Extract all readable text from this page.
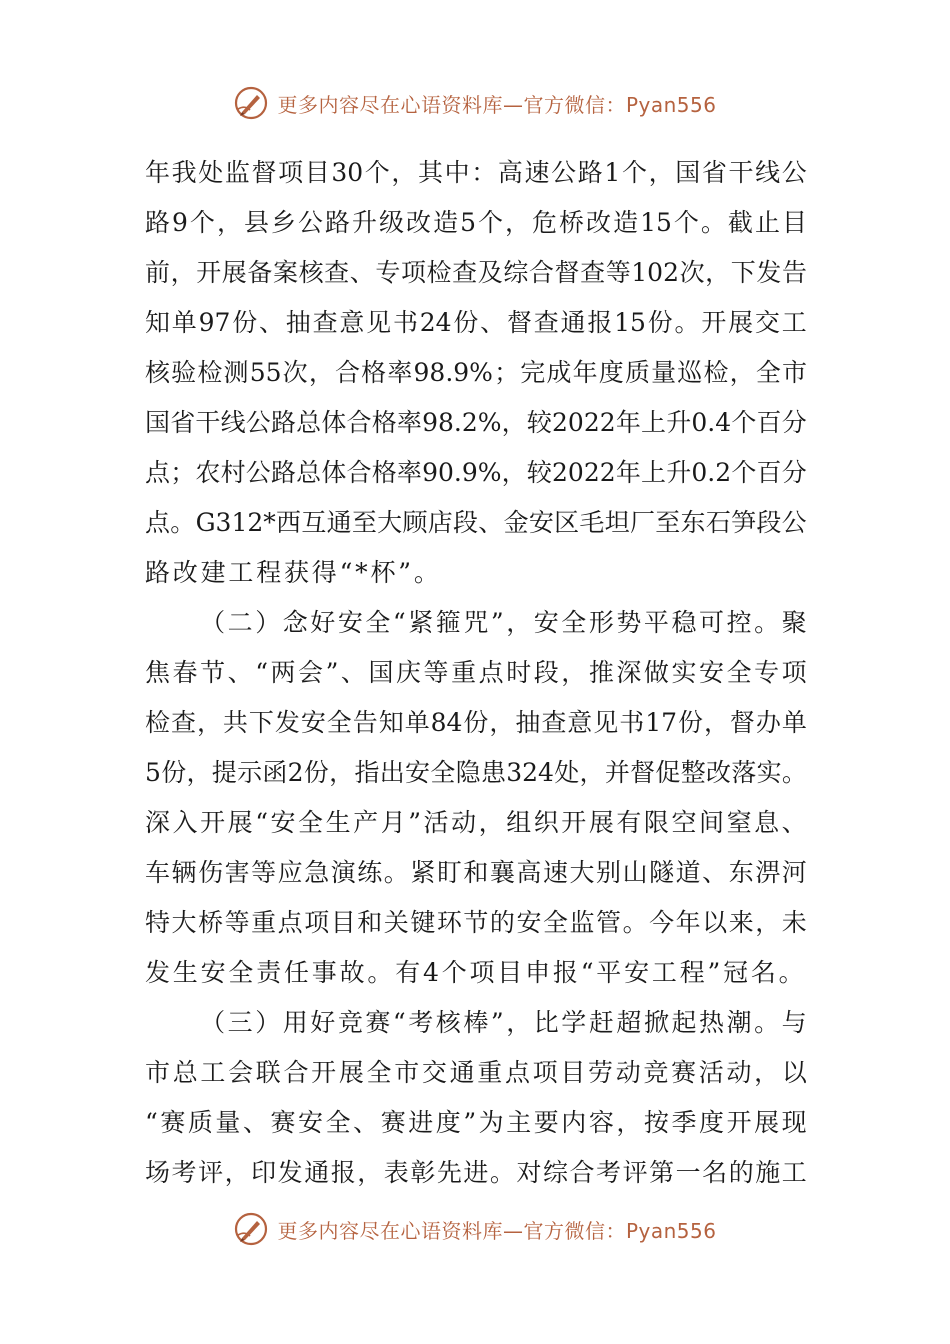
更多内容尽在心语资料库—官方微信：Pyan556
年 我 处 监 督 项 目 30 个 ， 其 中 ： 高 速 公 路 1 个 ， 国 省 干 线 公
路 9 个 ， 县 乡 公 路 升 级 改 造 5 个 ， 危 桥 改 造 15 个 。 截 止 目
前 ， 开 展 备 案 核 查 、 专 项 检 查 及 综 合 督 查 等 102 次 ， 下 发 告
知 单 97 份 、 抽 查 意 见 书 24 份 、 督 查 通 报 15 份 。 开 展 交 工
核 验 检 测 55 次 ， 合 格 率 98.9% ； 完 成 年 度 质 量 巡 检 ， 全 市
国 省 干 线 公 路 总 体 合 格 率 98.2% ， 较 2022 年 上 升 0.4 个 百 分
点 ； 农 村 公 路 总 体 合 格 率 90.9% ， 较 2022 年 上 升 0.2 个 百 分
点 。 G312* 西 互 通 至 大 顾 店 段 、 金 安 区 毛 坦 厂 至 东 石 笋 段 公
路改建工程获得“*杯”。

（ 二 ） 念 好 安 全 “ 紧 箍 咒 ” ， 安 全 形 势 平 稳 可 控 。 聚
焦 春 节 、 “ 两 会 ” 、 国 庆 等 重 点 时 段 ， 推 深 做 实 安 全 专 项
检 查 ， 共 下 发 安 全 告 知 单 84 份 ， 抽 查 意 见 书 17 份 ， 督 办 单
5 份 ， 提 示 函 2 份 ， 指 出 安 全 隐 患 324 处 ， 并 督 促 整 改 落 实 。
深 入 开 展 “ 安 全 生 产 月 ” 活 动 ， 组 织 开 展 有 限 空 间 窒 息 、
车 辆 伤 害 等 应 急 演 练 。 紧 盯 和 襄 高 速 大 别 山 隧 道 、 东 淠 河
特 大 桥 等 重 点 项 目 和 关 键 环 节 的 安 全 监 管 。 今 年 以 来 ， 未
发生安全责任事故。有4个项目申报“平安工程”冠名。

（ 三 ） 用 好 竞 赛 “ 考 核 棒 ” ， 比 学 赶 超 掀 起 热 潮 。 与
市 总 工 会 联 合 开 展 全 市 交 通 重 点 项 目 劳 动 竞 赛 活 动 ， 以
“ 赛 质 量 、 赛 安 全 、 赛 进 度 ” 为 主 要 内 容 ， 按 季 度 开 展 现
场 考 评 ， 印 发 通 报 ， 表 彰 先 进 。 对 综 合 考 评 第 一 名 的 施 工
更多内容尽在心语资料库—官方微信：Pyan556
